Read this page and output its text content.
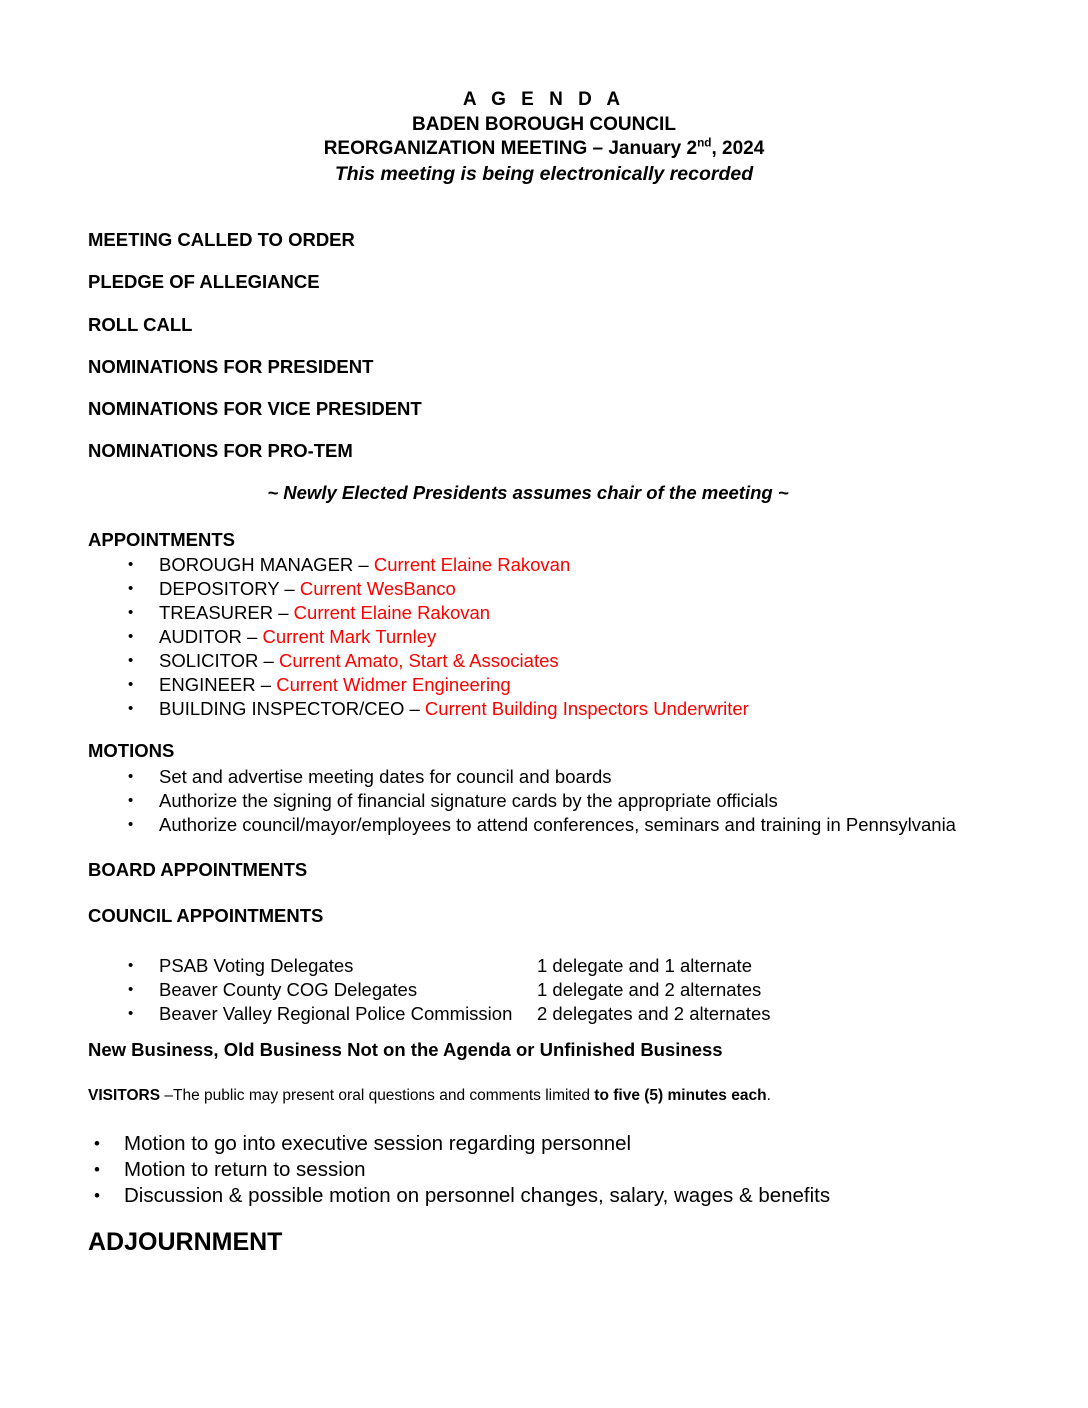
A G E N D A
BADEN BOROUGH COUNCIL
REORGANIZATION MEETING – January 2nd, 2024
This meeting is being electronically recorded
MEETING CALLED TO ORDER
PLEDGE OF ALLEGIANCE
ROLL CALL
NOMINATIONS FOR PRESIDENT
NOMINATIONS FOR VICE PRESIDENT
NOMINATIONS FOR PRO-TEM
~ Newly Elected Presidents assumes chair of the meeting ~
APPOINTMENTS
• BOROUGH MANAGER – Current Elaine Rakovan
• DEPOSITORY – Current WesBanco
• TREASURER – Current Elaine Rakovan
• AUDITOR – Current Mark Turnley
• SOLICITOR – Current Amato, Start & Associates
• ENGINEER – Current Widmer Engineering
• BUILDING INSPECTOR/CEO – Current Building Inspectors Underwriter
MOTIONS
• Set and advertise meeting dates for council and boards
• Authorize the signing of financial signature cards by the appropriate officials
• Authorize council/mayor/employees to attend conferences, seminars and training in Pennsylvania
BOARD APPOINTMENTS
COUNCIL APPOINTMENTS
• PSAB Voting Delegates	1 delegate and 1 alternate
• Beaver County COG Delegates	1 delegate and 2 alternates
• Beaver Valley Regional Police Commission 2 delegates and 2 alternates
New Business, Old Business Not on the Agenda or Unfinished Business
VISITORS –The public may present oral questions and comments limited to five (5) minutes each.
• Motion to go into executive session regarding personnel
• Motion to return to session
• Discussion & possible motion on personnel changes, salary, wages & benefits
ADJOURNMENT
